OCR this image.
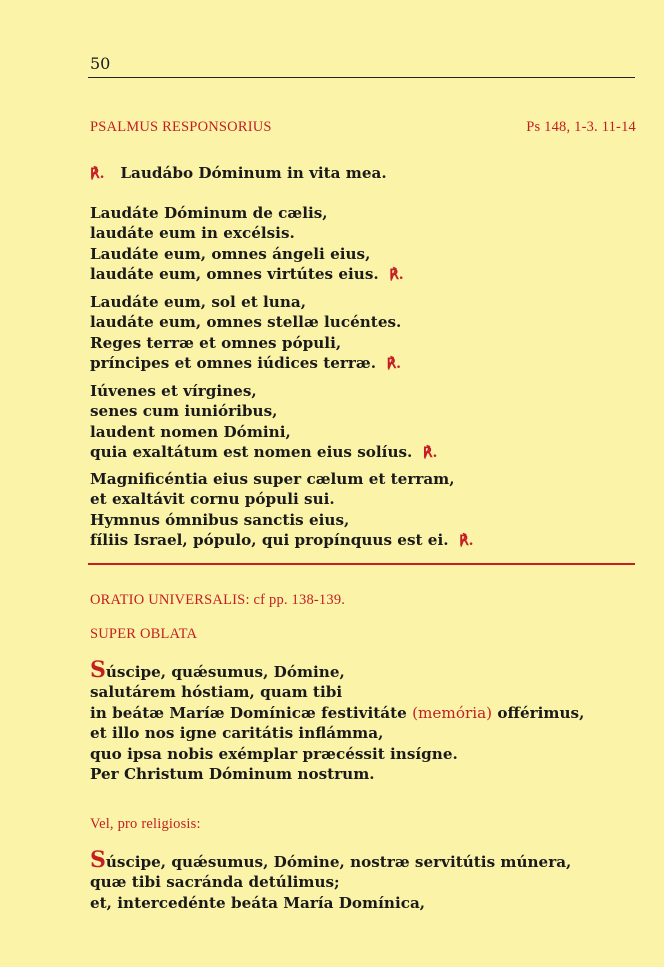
50
PSALMUS RESPONSORIUS	Ps 148, 1-3. 11-14
℟. Laudábo Dóminum in vita mea.
Laudáte Dóminum de cælis,
laudáte eum in excélsis.
Laudáte eum, omnes ángeli eius,
laudáte eum, omnes virtútes eius. ℟.
Laudáte eum, sol et luna,
laudáte eum, omnes stellæ lucéntes.
Reges terræ et omnes pópuli,
príncipes et omnes iúdices terræ. ℟.
Iúvenes et vírgines,
senes cum iunióribus,
laudent nomen Dómini,
quia exaltátum est nomen eius solíus. ℟.
Magnificéntia eius super cælum et terram,
et exaltávit cornu pópuli sui.
Hymnus ómnibus sanctis eius,
fíliis Israel, pópulo, qui propínquus est ei. ℟.
ORATIO UNIVERSALIS: cf pp. 138-139.
SUPER OBLATA
Súscipe, quǽsumus, Dómine,
salutárem hóstiam, quam tibi
in beátæ Maríæ Domínicæ festivitáte (memória) offérimus,
et illo nos igne caritátis inflámma,
quo ipsa nobis exémplar præcéssit insígne.
Per Christum Dóminum nostrum.
Vel, pro religiosis:
Súscipe, quǽsumus, Dómine, nostræ servitútis múnera,
quæ tibi sacránda detúlimus;
et, intercedénte beáta María Domínica,
